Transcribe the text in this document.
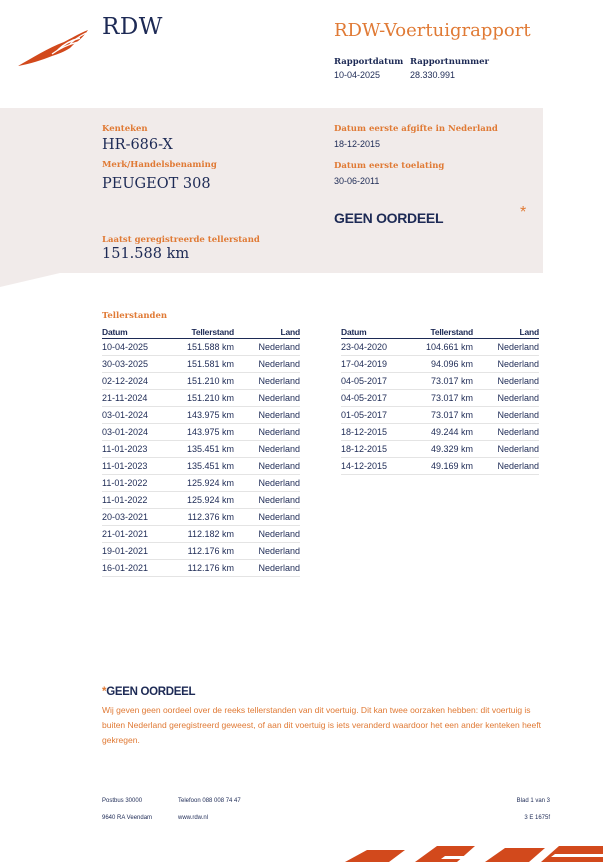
RDW	RDW-Voertuigrapport
Rapportdatum
10-04-2025
Rapportnummer
28.330.991
Kenteken
HR-686-X
Merk/Handelsbenaming
PEUGEOT 308
Laatst geregistreerde tellerstand
151.588 km
Datum eerste afgifte in Nederland
18-12-2015
Datum eerste toelating
30-06-2011
GEEN OORDEEL	*
Tellerstanden
Datum	Tellerstand	Land
10-04-2025	151.588 km	Nederland
30-03-2025	151.581 km	Nederland
02-12-2024	151.210 km	Nederland
21-11-2024	151.210 km	Nederland
03-01-2024	143.975 km	Nederland
03-01-2024	143.975 km	Nederland
11-01-2023	135.451 km	Nederland
11-01-2023	135.451 km	Nederland
11-01-2022	125.924 km	Nederland
11-01-2022	125.924 km	Nederland
20-03-2021	112.376 km	Nederland
21-01-2021	112.182 km	Nederland
19-01-2021	112.176 km	Nederland
16-01-2021	112.176 km	Nederland
Datum	Tellerstand	Land
23-04-2020	104.661 km	Nederland
17-04-2019	94.096 km	Nederland
04-05-2017	73.017 km	Nederland
04-05-2017	73.017 km	Nederland
01-05-2017	73.017 km	Nederland
18-12-2015	49.244 km	Nederland
18-12-2015	49.329 km	Nederland
14-12-2015	49.169 km	Nederland
*GEEN OORDEEL
Wij geven geen oordeel over de reeks tellerstanden van dit voertuig. Dit kan twee oorzaken hebben: dit voertuig is buiten Nederland geregistreerd geweest, of aan dit voertuig is iets veranderd waardoor het een ander kenteken heeft gekregen.
Postbus 30000
9640 RA Veendam
Telefoon 088 008 74 47
www.rdw.nl
Blad 1 van 3
3 E 1675f
